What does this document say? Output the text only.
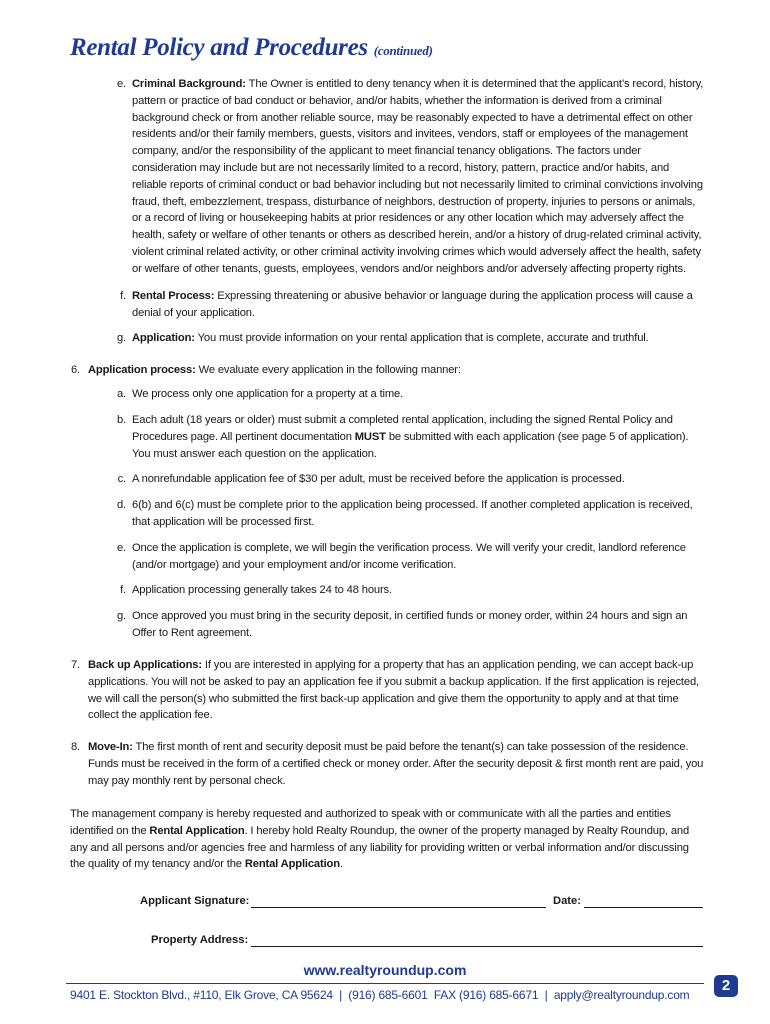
Rental Policy and Procedures (continued)
e. Criminal Background: The Owner is entitled to deny tenancy when it is determined that the applicant’s record, history, pattern or practice of bad conduct or behavior, and/or habits, whether the information is derived from a criminal background check or from another reliable source, may be reasonably expected to have a detrimental effect on other residents and/or their family members, guests, visitors and invitees, vendors, staff or employees of the management company, and/or the responsibility of the applicant to meet financial tenancy obligations. The factors under consideration may include but are not necessarily limited to a record, history, pattern, practice and/or habits, and reliable reports of criminal conduct or bad behavior including but not necessarily limited to criminal convictions involving fraud, theft, embezzlement, trespass, disturbance of neighbors, destruction of property, injuries to persons or animals, or a record of living or housekeeping habits at prior residences or any other location which may adversely affect the health, safety or welfare of other tenants or others as described herein, and/or a history of drug-related criminal activity, violent criminal related activity, or other criminal activity involving crimes which would adversely affect the health, safety or welfare of other tenants, guests, employees, vendors and/or neighbors and/or adversely affecting property rights.
f. Rental Process: Expressing threatening or abusive behavior or language during the application process will cause a denial of your application.
g. Application: You must provide information on your rental application that is complete, accurate and truthful.
6. Application process: We evaluate every application in the following manner:
a. We process only one application for a property at a time.
b. Each adult (18 years or older) must submit a completed rental application, including the signed Rental Policy and Procedures page. All pertinent documentation MUST be submitted with each application (see page 5 of application). You must answer each question on the application.
c. A nonrefundable application fee of $30 per adult, must be received before the application is processed.
d. 6(b) and 6(c) must be complete prior to the application being processed. If another completed application is received, that application will be processed first.
e. Once the application is complete, we will begin the verification process. We will verify your credit, landlord reference (and/or mortgage) and your employment and/or income verification.
f. Application processing generally takes 24 to 48 hours.
g. Once approved you must bring in the security deposit, in certified funds or money order, within 24 hours and sign an Offer to Rent agreement.
7. Back up Applications: If you are interested in applying for a property that has an application pending, we can accept back-up applications. You will not be asked to pay an application fee if you submit a backup application. If the first application is rejected, we will call the person(s) who submitted the first back-up application and give them the opportunity to apply and at that time collect the application fee.
8. Move-In: The first month of rent and security deposit must be paid before the tenant(s) can take possession of the residence. Funds must be received in the form of a certified check or money order. After the security deposit & first month rent are paid, you may pay monthly rent by personal check.
The management company is hereby requested and authorized to speak with or communicate with all the parties and entities identified on the Rental Application. I hereby hold Realty Roundup, the owner of the property managed by Realty Roundup, and any and all persons and/or agencies free and harmless of any liability for providing written or verbal information and/or discussing the quality of my tenancy and/or the Rental Application.
Applicant Signature:	Date:
Property Address:
www.realtyroundup.com
9401 E. Stockton Blvd., #110, Elk Grove, CA 95624 | (916) 685-6601 FAX (916) 685-6671 | apply@realtyroundup.com
2
